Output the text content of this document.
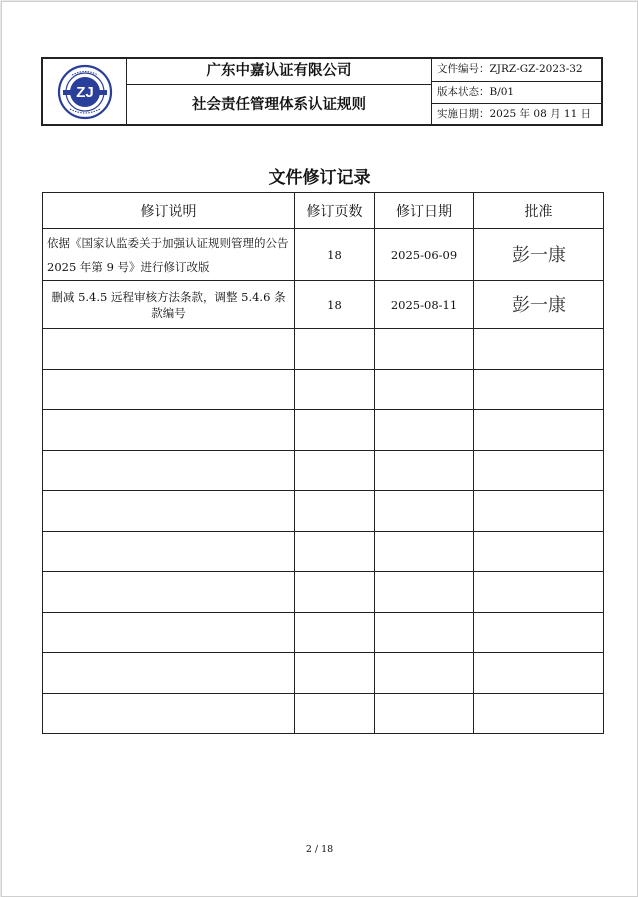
ZJ
广东中嘉认证有限公司
社会责任管理体系认证规则
文件编号：ZJRZ-GZ-2023-32
版本状态：B/01
实施日期：2025 年 08 月 11 日
文件修订记录
修订说明	修订页数	修订日期	批准
依据《国家认监委关于加强认证规则管理的公告 2025 年第 9 号》进行修订改版	18	2025-06-09	彭一康

删减 5.4.5 远程审核方法条款，调整 5.4.6 条款编号	18	2025-08-11	彭一康

2 / 18
